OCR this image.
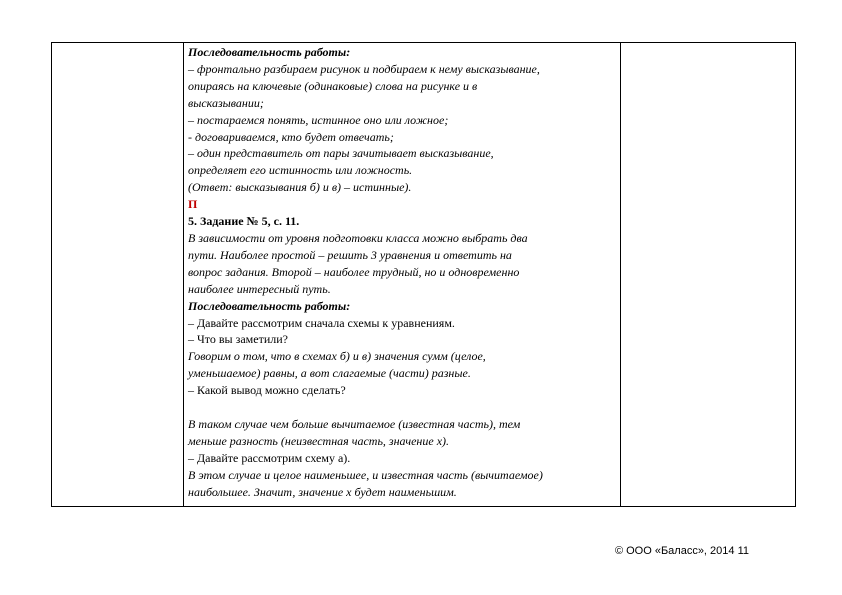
Последовательность работы:
– фронтально разбираем рисунок и подбираем к нему высказывание,
опираясь на ключевые (одинаковые) слова на рисунке и в
высказывании;
– постараемся понять, истинное оно или ложное;
- договариваемся, кто будет отвечать;
– один представитель от пары зачитывает высказывание,
определяет его истинность или ложность.
(Ответ: высказывания б) и в) – истинные).
П
5. Задание № 5, с. 11.
В зависимости от уровня подготовки класса можно выбрать два
пути. Наиболее простой – решить 3 уравнения и ответить на
вопрос задания. Второй – наиболее трудный, но и одновременно
наиболее интересный путь.
Последовательность работы:
– Давайте рассмотрим сначала схемы к уравнениям.
– Что вы заметили?
Говорим о том, что в схемах б) и в) значения сумм (целое,
уменьшаемое) равны, а вот слагаемые (части) разные.
– Какой вывод можно сделать?
В таком случае чем больше вычитаемое (известная часть), тем
меньше разность (неизвестная часть, значение x).
– Давайте рассмотрим схему а).
В этом случае и целое наименьшее, и известная часть (вычитаемое)
наибольшее. Значит, значение x будет наименьшим.

© ООО «Баласс», 2014 11
